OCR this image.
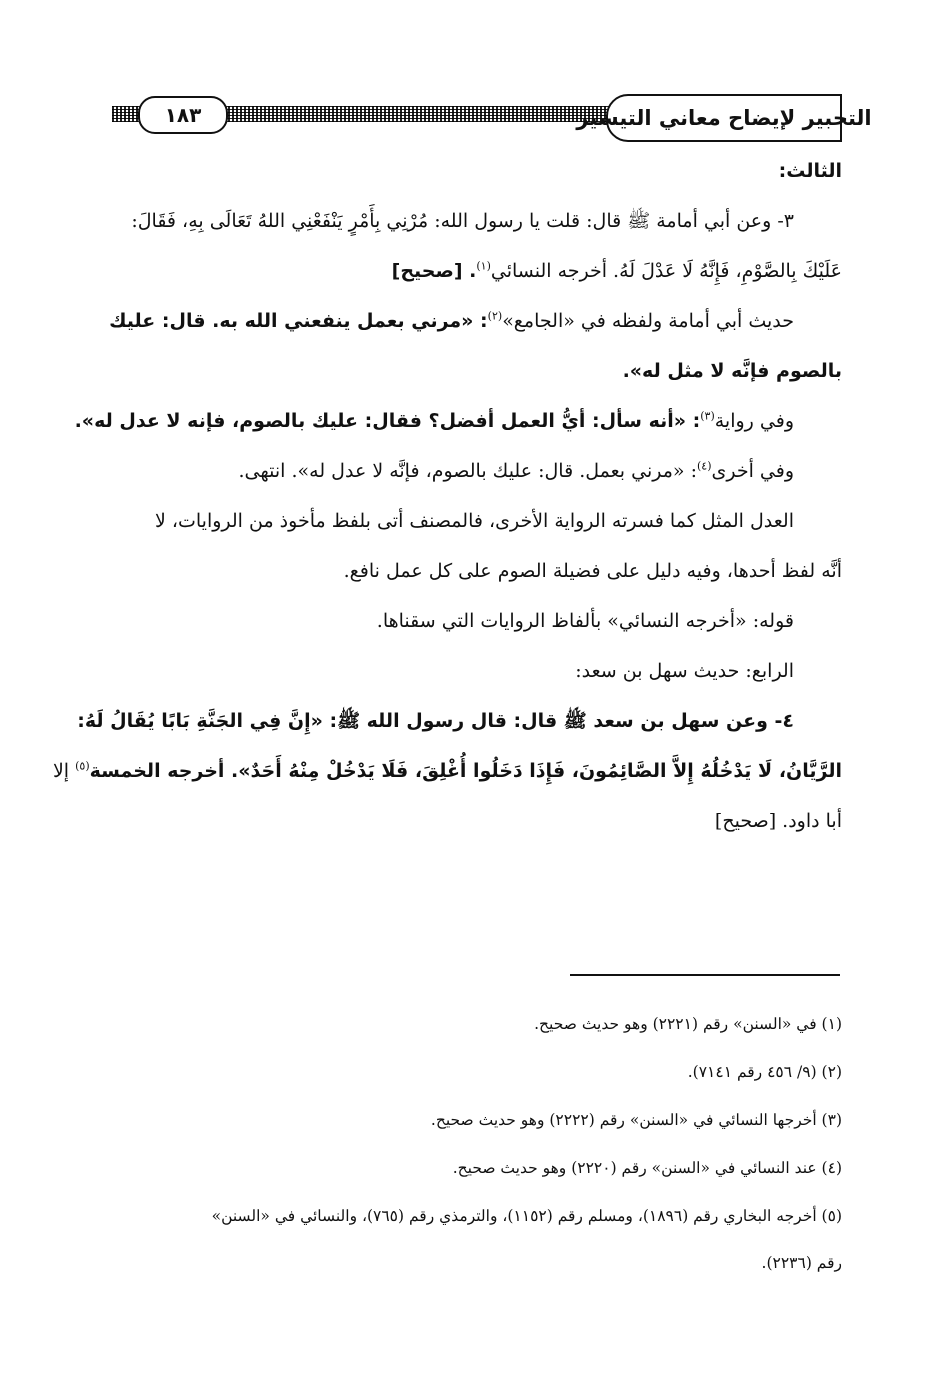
١٨٣	التحبير لإيضاح معاني التيسير
الثالث:
٣- وعن أبي أمامة ﷺ قال: قلت يا رسول الله: مُرْنِي بِأَمْرٍ يَنْفَعْنِي اللهُ تَعَالَى بِهِ، فَقَالَ:
عَلَيْكَ بِالصَّوْمِ، فَإِنَّهُ لَا عَدْلَ لَهُ. أخرجه النسائي$^{(١)}$. [صحيح]
حديث أبي أمامة ولفظه في «الجامع»$^{(٢)}$: «مرني بعمل ينفعني الله به. قال: عليك
بالصوم فإنَّه لا مثل له».
وفي رواية$^{(٣)}$: «أنه سأل: أيُّ العمل أفضل؟ فقال: عليك بالصوم، فإنه لا عدل له».
وفي أخرى$^{(٤)}$: «مرني بعمل. قال: عليك بالصوم، فإنَّه لا عدل له». انتهى.
العدل المثل كما فسرته الرواية الأخرى، فالمصنف أتى بلفظ مأخوذ من الروايات، لا
أنَّه لفظ أحدها، وفيه دليل على فضيلة الصوم على كل عمل نافع.
قوله: «أخرجه النسائي» بألفاظ الروايات التي سقناها.
الرابع: حديث سهل بن سعد:
٤- وعن سهل بن سعد ﷺ قال: قال رسول الله ﷺ: «إِنَّ فِي الجَنَّةِ بَابًا يُقَالُ لَهُ:
الرَّيَّانُ، لَا يَدْخُلُهُ إِلاَّ الصَّائِمُونَ، فَإِذَا دَخَلُوا أُغْلِقَ، فَلَا يَدْخُلْ مِنْهُ أَحَدٌ». أخرجه الخمسة$^{(٥)}$ إلا
أبا داود. [صحيح]
(١) في «السنن» رقم (٢٢٢١) وهو حديث صحيح.
(٢) (٩/ ٤٥٦ رقم ٧١٤١).
(٣) أخرجها النسائي في «السنن» رقم (٢٢٢٢) وهو حديث صحيح.
(٤) عند النسائي في «السنن» رقم (٢٢٢٠) وهو حديث صحيح.
(٥) أخرجه البخاري رقم (١٨٩٦)، ومسلم رقم (١١٥٢)، والترمذي رقم (٧٦٥)، والنسائي في «السنن»
رقم (٢٢٣٦).
